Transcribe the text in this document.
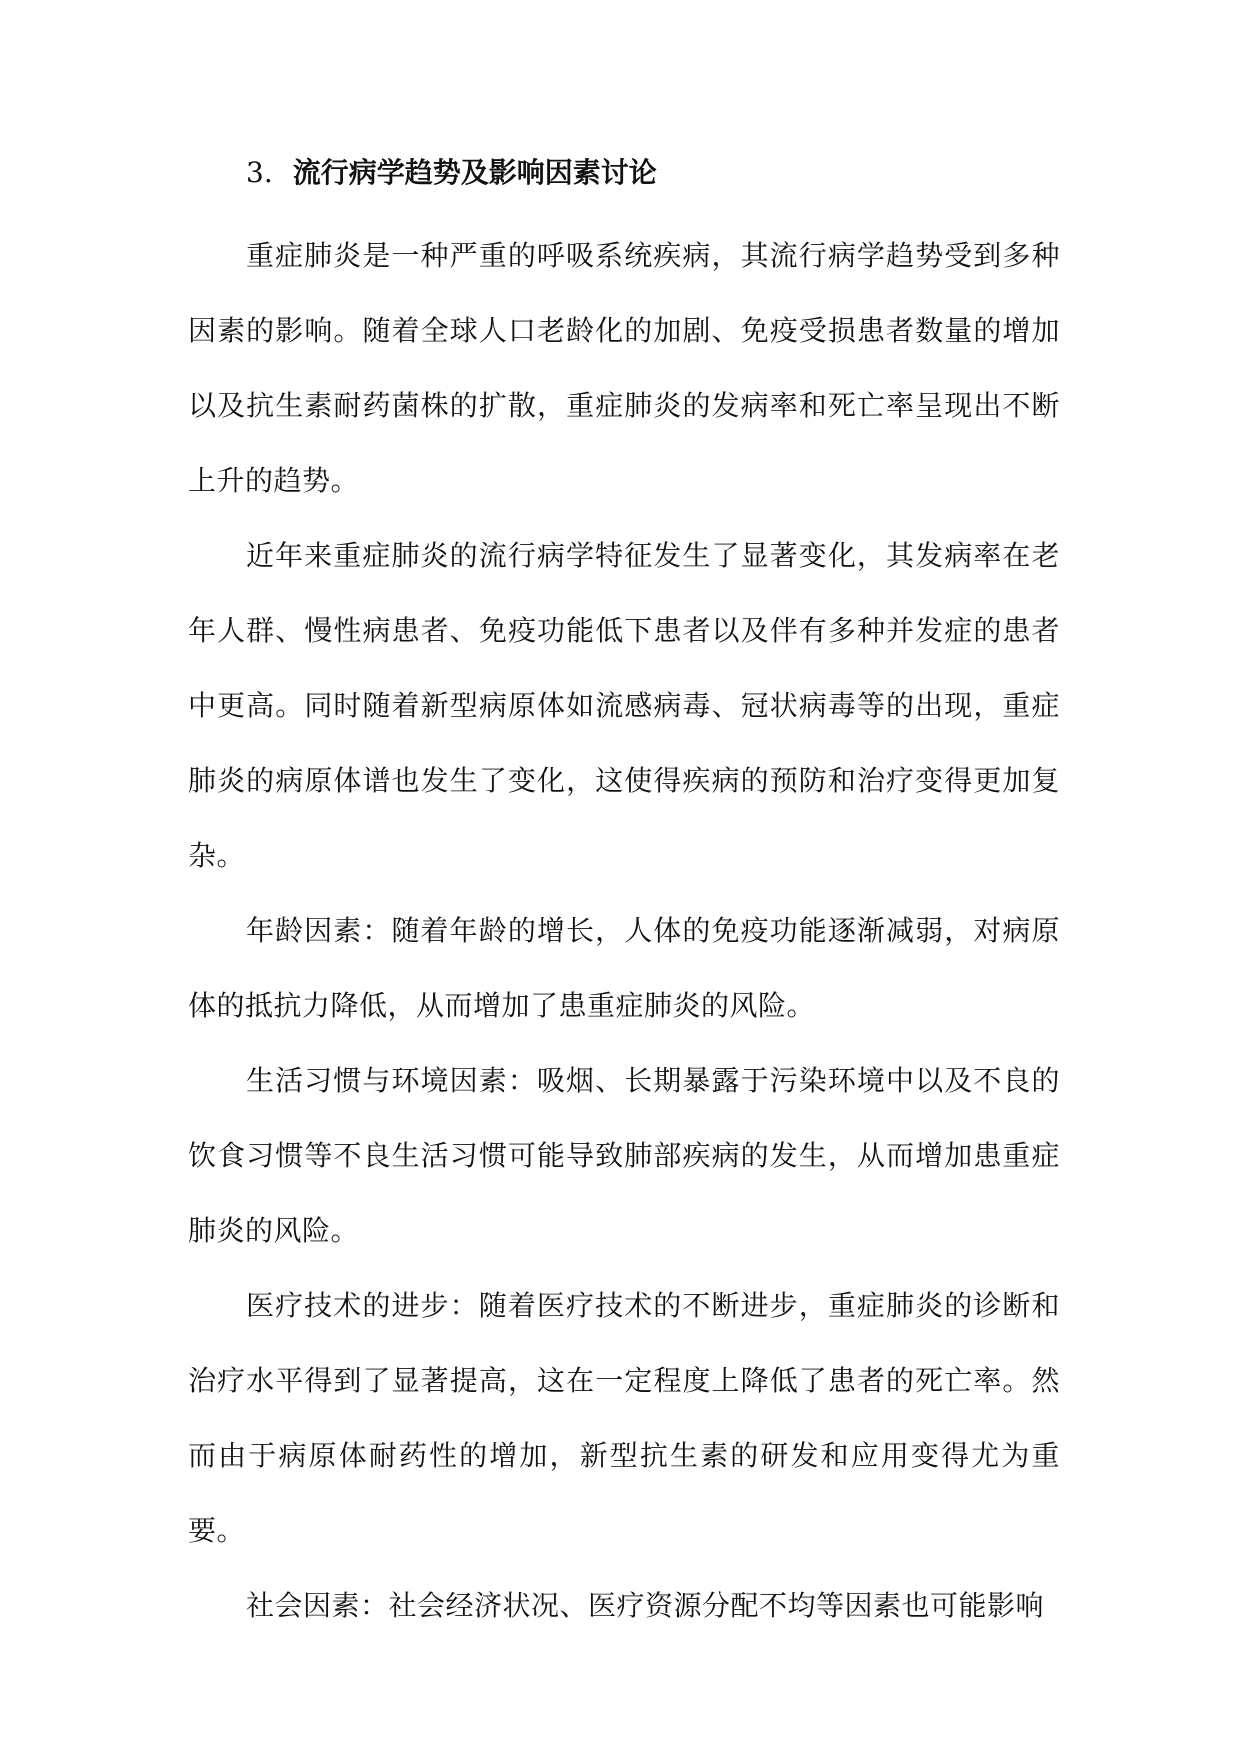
3. 流行病学趋势及影响因素讨论

重症肺炎是一种严重的呼吸系统疾病，其流行病学趋势受到多种因素的影响。随着全球人口老龄化的加剧、免疫受损患者数量的增加以及抗生素耐药菌株的扩散，重症肺炎的发病率和死亡率呈现出不断上升的趋势。

近年来重症肺炎的流行病学特征发生了显著变化，其发病率在老年人群、慢性病患者、免疫功能低下患者以及伴有多种并发症的患者中更高。同时随着新型病原体如流感病毒、冠状病毒等的出现，重症肺炎的病原体谱也发生了变化，这使得疾病的预防和治疗变得更加复杂。

年龄因素：随着年龄的增长，人体的免疫功能逐渐减弱，对病原体的抵抗力降低，从而增加了患重症肺炎的风险。

生活习惯与环境因素：吸烟、长期暴露于污染环境中以及不良的饮食习惯等不良生活习惯可能导致肺部疾病的发生，从而增加患重症肺炎的风险。

医疗技术的进步：随着医疗技术的不断进步，重症肺炎的诊断和治疗水平得到了显著提高，这在一定程度上降低了患者的死亡率。然而由于病原体耐药性的增加，新型抗生素的研发和应用变得尤为重要。

社会因素：社会经济状况、医疗资源分配不均等因素也可能影响
